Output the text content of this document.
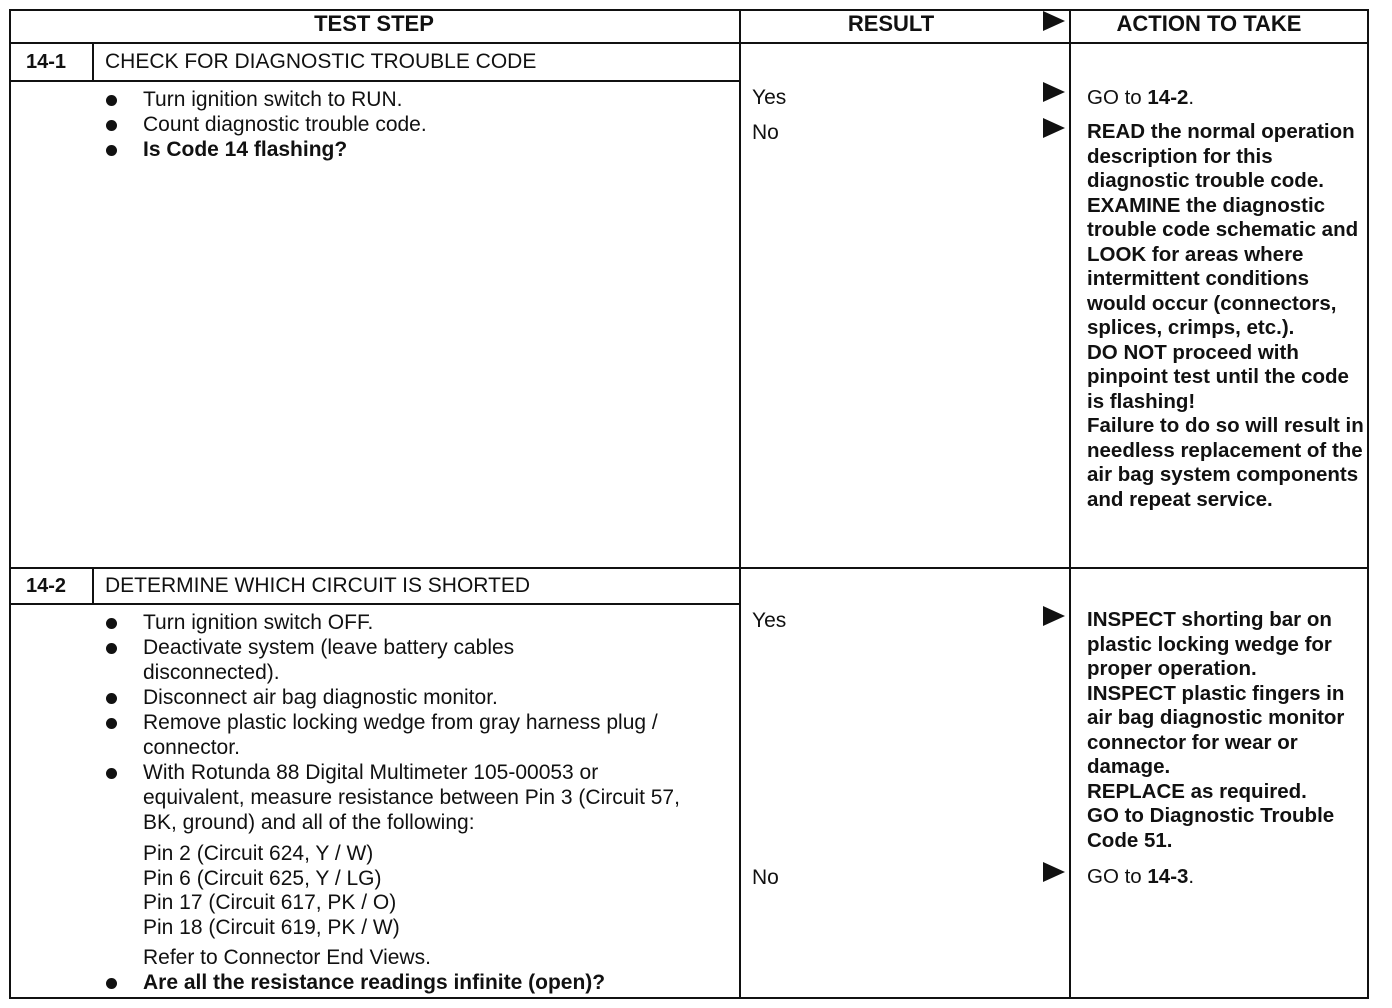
TEST STEP	RESULT	ACTION TO TAKE
14-1 CHECK FOR DIAGNOSTIC TROUBLE CODE
Turn ignition switch to RUN.
Count diagnostic trouble code.
Is Code 14 flashing?
Yes
No
GO to 14-2.
READ the normal operation description for this diagnostic trouble code. EXAMINE the diagnostic trouble code schematic and LOOK for areas where intermittent conditions would occur (connectors, splices, crimps, etc.).
DO NOT proceed with pinpoint test until the code is flashing!
Failure to do so will result in needless replacement of the air bag system components and repeat service.
14-2 DETERMINE WHICH CIRCUIT IS SHORTED
Turn ignition switch OFF.
Deactivate system (leave battery cables disconnected).
Disconnect air bag diagnostic monitor.
Remove plastic locking wedge from gray harness plug / connector.
With Rotunda 88 Digital Multimeter 105-00053 or equivalent, measure resistance between Pin 3 (Circuit 57, BK, ground) and all of the following:
Pin 2 (Circuit 624, Y / W)
Pin 6 (Circuit 625, Y / LG)
Pin 17 (Circuit 617, PK / O)
Pin 18 (Circuit 619, PK / W)
Refer to Connector End Views.
Are all the resistance readings infinite (open)?
Yes
No
INSPECT shorting bar on plastic locking wedge for proper operation.
INSPECT plastic fingers in air bag diagnostic monitor connector for wear or damage.
REPLACE as required.
GO to Diagnostic Trouble Code 51.
GO to 14-3.
